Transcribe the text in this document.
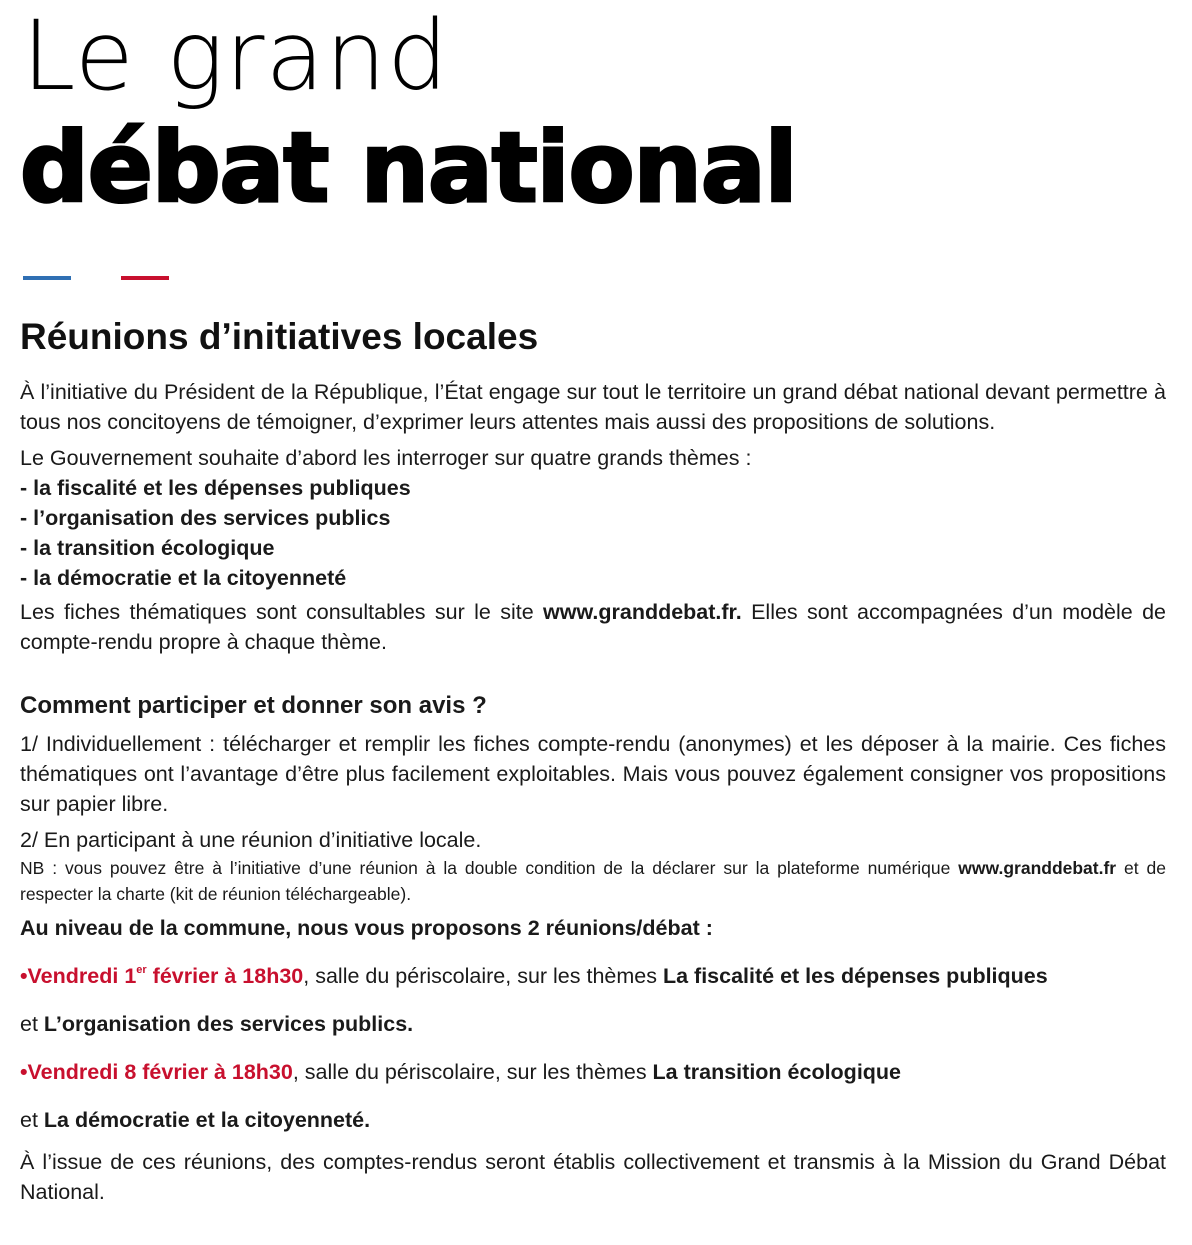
Le grand
débat national
Réunions d’initiatives locales

À l’initiative du Président de la République, l’État engage sur tout le territoire un grand débat national devant permettre à tous nos concitoyens de témoigner, d’exprimer leurs attentes mais aussi des propositions de solutions.

Le Gouvernement souhaite d’abord les interroger sur quatre grands thèmes :

- la fiscalité et les dépenses publiques
- l’organisation des services publics
- la transition écologique
- la démocratie et la citoyenneté

Les fiches thématiques sont consultables sur le site www.granddebat.fr. Elles sont accompagnées d’un modèle de compte-rendu propre à chaque thème.

Comment participer et donner son avis ?

1/ Individuellement : télécharger et remplir les fiches compte-rendu (anonymes) et les déposer à la mairie. Ces fiches thématiques ont l’avantage d’être plus facilement exploitables. Mais vous pouvez également consigner vos propositions sur papier libre.

2/ En participant à une réunion d’initiative locale.

NB : vous pouvez être à l’initiative d’une réunion à la double condition de la déclarer sur la plateforme numérique www.granddebat.fr et de respecter la charte (kit de réunion téléchargeable).

Au niveau de la commune, nous vous proposons 2 réunions/débat :

•Vendredi 1er février à 18h30, salle du périscolaire, sur les thèmes La fiscalité et les dépenses publiques

et L’organisation des services publics.

•Vendredi 8 février à 18h30, salle du périscolaire, sur les thèmes La transition écologique

et La démocratie et la citoyenneté.

À l’issue de ces réunions, des comptes-rendus seront établis collectivement et transmis à la Mission du Grand Débat National.
